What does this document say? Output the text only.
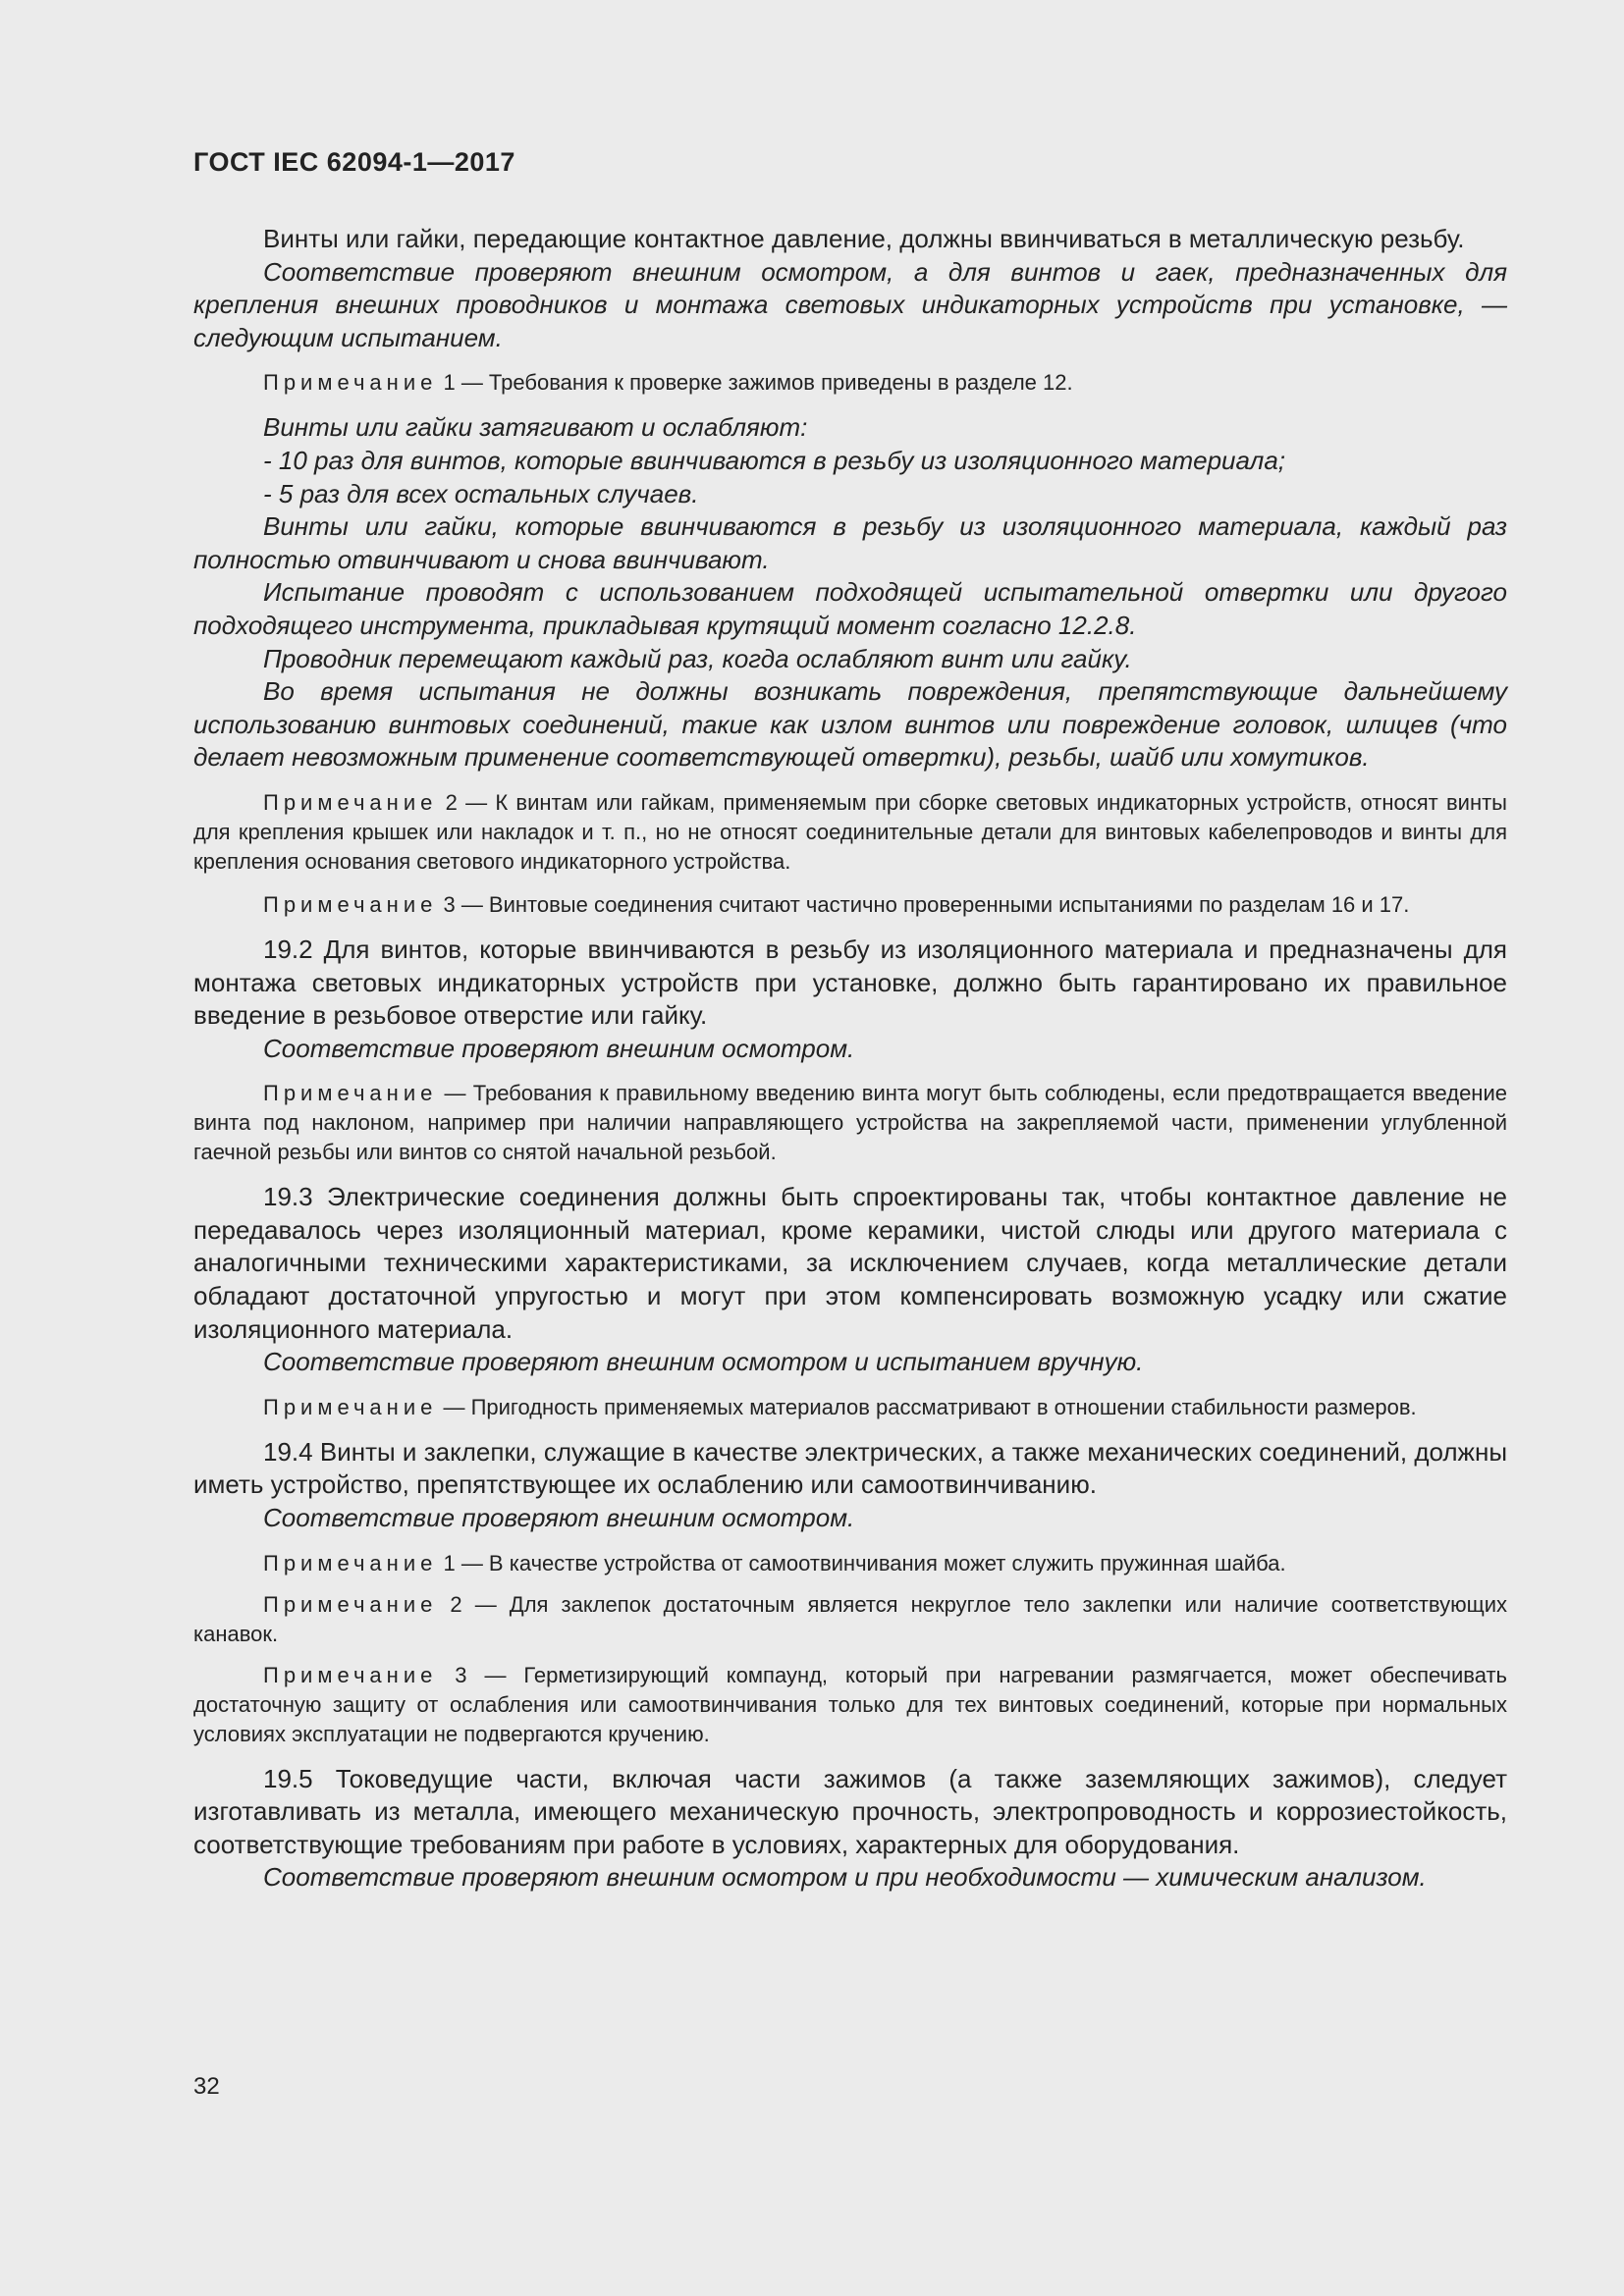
ГОСТ IEC 62094-1—2017

Винты или гайки, передающие контактное давление, должны ввинчиваться в металлическую резьбу.

Соответствие проверяют внешним осмотром, а для винтов и гаек, предназначенных для крепления внешних проводников и монтажа световых индикаторных устройств при установке, — следующим испытанием.

Примечание 1 — Требования к проверке зажимов приведены в разделе 12.

Винты или гайки затягивают и ослабляют:

- 10 раз для винтов, которые ввинчиваются в резьбу из изоляционного материала;

- 5 раз для всех остальных случаев.

Винты или гайки, которые ввинчиваются в резьбу из изоляционного материала, каждый раз полностью отвинчивают и снова ввинчивают.

Испытание проводят с использованием подходящей испытательной отвертки или другого подходящего инструмента, прикладывая крутящий момент согласно 12.2.8.

Проводник перемещают каждый раз, когда ослабляют винт или гайку.

Во время испытания не должны возникать повреждения, препятствующие дальнейшему использованию винтовых соединений, такие как излом винтов или повреждение головок, шлицев (что делает невозможным применение соответствующей отвертки), резьбы, шайб или хомутиков.

Примечание 2 — К винтам или гайкам, применяемым при сборке световых индикаторных устройств, относят винты для крепления крышек или накладок и т. п., но не относят соединительные детали для винтовых кабелепроводов и винты для крепления основания светового индикаторного устройства.

Примечание 3 — Винтовые соединения считают частично проверенными испытаниями по разделам 16 и 17.

19.2 Для винтов, которые ввинчиваются в резьбу из изоляционного материала и предназначены для монтажа световых индикаторных устройств при установке, должно быть гарантировано их правильное введение в резьбовое отверстие или гайку.

Соответствие проверяют внешним осмотром.

Примечание — Требования к правильному введению винта могут быть соблюдены, если предотвращается введение винта под наклоном, например при наличии направляющего устройства на закрепляемой части, применении углубленной гаечной резьбы или винтов со снятой начальной резьбой.

19.3 Электрические соединения должны быть спроектированы так, чтобы контактное давление не передавалось через изоляционный материал, кроме керамики, чистой слюды или другого материала с аналогичными техническими характеристиками, за исключением случаев, когда металлические детали обладают достаточной упругостью и могут при этом компенсировать возможную усадку или сжатие изоляционного материала.

Соответствие проверяют внешним осмотром и испытанием вручную.

Примечание — Пригодность применяемых материалов рассматривают в отношении стабильности размеров.

19.4 Винты и заклепки, служащие в качестве электрических, а также механических соединений, должны иметь устройство, препятствующее их ослаблению или самоотвинчиванию.

Соответствие проверяют внешним осмотром.

Примечание 1 — В качестве устройства от самоотвинчивания может служить пружинная шайба.

Примечание 2 — Для заклепок достаточным является некруглое тело заклепки или наличие соответствующих канавок.

Примечание 3 — Герметизирующий компаунд, который при нагревании размягчается, может обеспечивать достаточную защиту от ослабления или самоотвинчивания только для тех винтовых соединений, которые при нормальных условиях эксплуатации не подвергаются кручению.

19.5 Токоведущие части, включая части зажимов (а также заземляющих зажимов), следует изготавливать из металла, имеющего механическую прочность, электропроводность и коррозиестойкость, соответствующие требованиям при работе в условиях, характерных для оборудования.

Соответствие проверяют внешним осмотром и при необходимости — химическим анализом.

32
